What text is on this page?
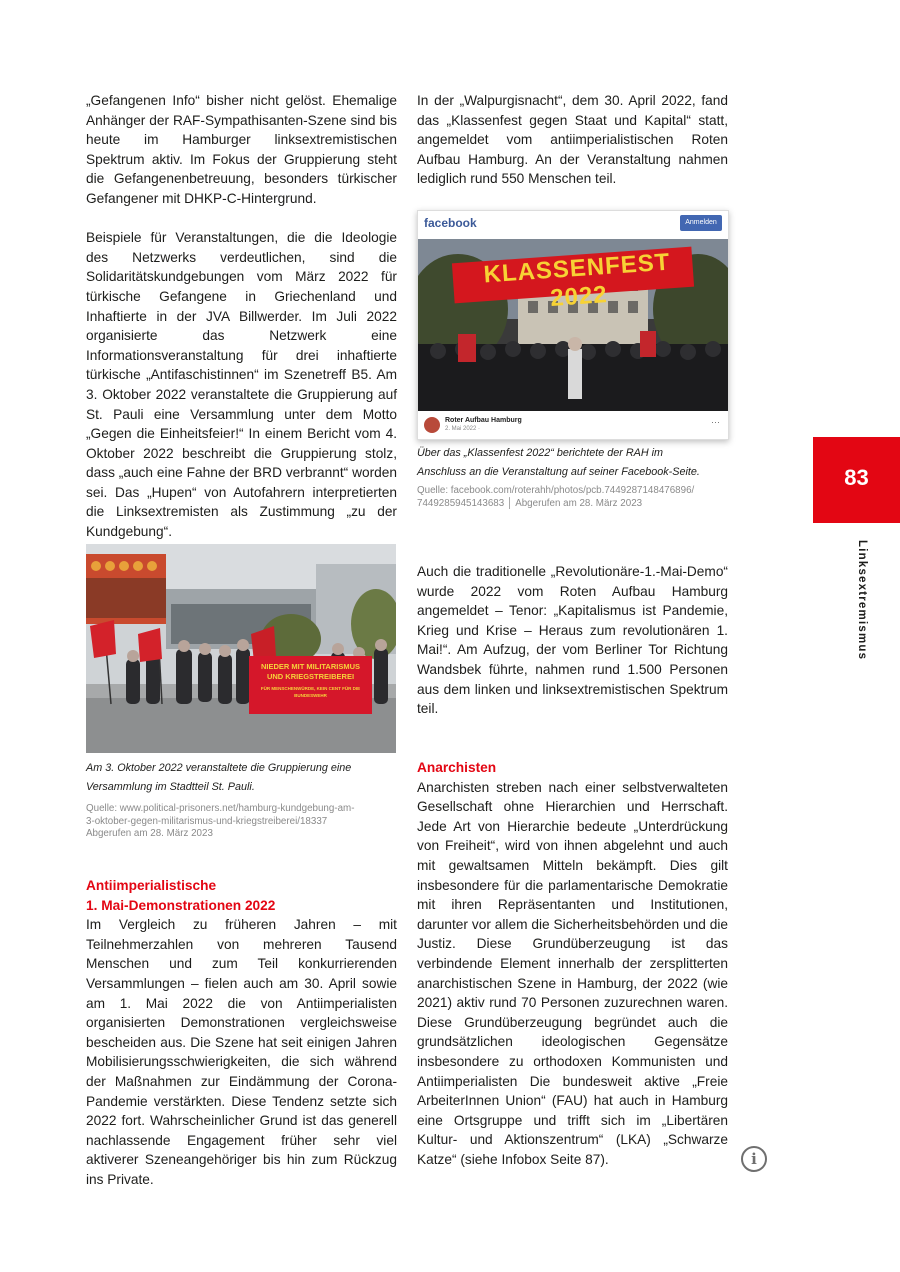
„Gefangenen Info“ bisher nicht gelöst. Ehemalige Anhänger der RAF-Sympathisanten-Szene sind bis heute im Hamburger linksextremistischen Spektrum aktiv. Im Fokus der Gruppierung steht die Gefangenenbetreuung, besonders türkischer Gefangener mit DHKP-C-Hintergrund.

Beispiele für Veranstaltungen, die die Ideologie des Netzwerks verdeutlichen, sind die Solidaritätskundgebungen vom März 2022 für türkische Gefangene in Griechenland und Inhaftierte in der JVA Billwerder. Im Juli 2022 organisierte das Netzwerk eine Informationsveranstaltung für drei inhaftierte türkische „Antifaschistinnen“ im Szenetreff B5. Am 3. Oktober 2022 veranstaltete die Gruppierung auf St. Pauli eine Versammlung unter dem Motto „Gegen die Einheitsfeier!“ In einem Bericht vom 4. Oktober 2022 beschreibt die Gruppierung stolz, dass „auch eine Fahne der BRD verbrannt“ worden sei. Das „Hupen“ von Autofahrern interpretierten die Linksextremisten als Zustimmung „zu der Kundgebung“.

NIEDER MIT MILITARISMUS
UND KRIEGSTREIBEREI
FÜR MENSCHENWÜRDE, KEIN CENT FÜR DIE BUNDESWEHR

Am 3. Oktober 2022 veranstaltete die Gruppierung eine Versammlung im Stadtteil St. Pauli.

Quelle: www.political-prisoners.net/hamburg-kundgebung-am-

3-oktober-gegen-militarismus-und-kriegstreiberei/18337

Abgerufen am 28. März 2023

Antiimperialistische

1. Mai-Demonstrationen 2022

Im Vergleich zu früheren Jahren – mit Teilnehmerzahlen von mehreren Tausend Menschen und zum Teil konkurrierenden Versammlungen – fielen auch am 30. April sowie am 1. Mai 2022 die von Antiimperialisten organisierten Demonstrationen vergleichsweise bescheiden aus. Die Szene hat seit einigen Jahren Mobilisierungsschwierigkeiten, die sich während der Maßnahmen zur Eindämmung der Corona-Pandemie verstärkten. Diese Tendenz setzte sich 2022 fort. Wahrscheinlicher Grund ist das generell nachlassende Engagement früher sehr viel aktiverer Szeneangehöriger bis hin zum Rückzug ins Private.

In der „Walpurgisnacht“, dem 30. April 2022, fand das „Klassenfest gegen Staat und Kapital“ statt, angemeldet vom antiimperialistischen Roten Aufbau Hamburg. An der Veranstaltung nahmen lediglich rund 550 Menschen teil.

facebook	Anmelden
KLASSENFEST 2022
Roter Aufbau Hamburg
2. Mai 2022 ·
···

Über das „Klassenfest 2022“ berichtete der RAH im

Anschluss an die Veranstaltung auf seiner Facebook-Seite.

Quelle: facebook.com/roterahh/photos/pcb.7449287148476896/

7449285945143683 │ Abgerufen am 28. März 2023

Auch die traditionelle „Revolutionäre-1.-Mai-Demo“ wurde 2022 vom Roten Aufbau Hamburg angemeldet – Tenor: „Kapitalismus ist Pandemie, Krieg und Krise – Heraus zum revolutionären 1. Mai!“. Am Aufzug, der vom Berliner Tor Richtung Wandsbek führte, nahmen rund 1.500 Personen aus dem linken und linksextremistischen Spektrum teil.

Anarchisten

Anarchisten streben nach einer selbstverwalteten Gesellschaft ohne Hierarchien und Herrschaft. Jede Art von Hierarchie bedeute „Unterdrückung von Freiheit“, wird von ihnen abgelehnt und auch mit gewaltsamen Mitteln bekämpft. Dies gilt insbesondere für die parlamentarische Demokratie mit ihren Repräsentanten und Institutionen, darunter vor allem die Sicherheitsbehörden und die Justiz. Diese Grundüberzeugung ist das verbindende Element innerhalb der zersplitterten anarchistischen Szene in Hamburg, der 2022 (wie 2021) aktiv rund 70 Personen zuzurechnen waren. Diese Grundüberzeugung begründet auch die grundsätzlichen ideologischen Gegensätze insbesondere zu orthodoxen Kommunisten und Antiimperialisten Die bundesweit aktive „Freie ArbeiterInnen Union“ (FAU) hat auch in Hamburg eine Ortsgruppe und trifft sich im „Libertären Kultur- und Aktionszentrum“ (LKA) „Schwarze Katze“ (siehe Infobox Seite 87).

83
Linksextremismus
i
